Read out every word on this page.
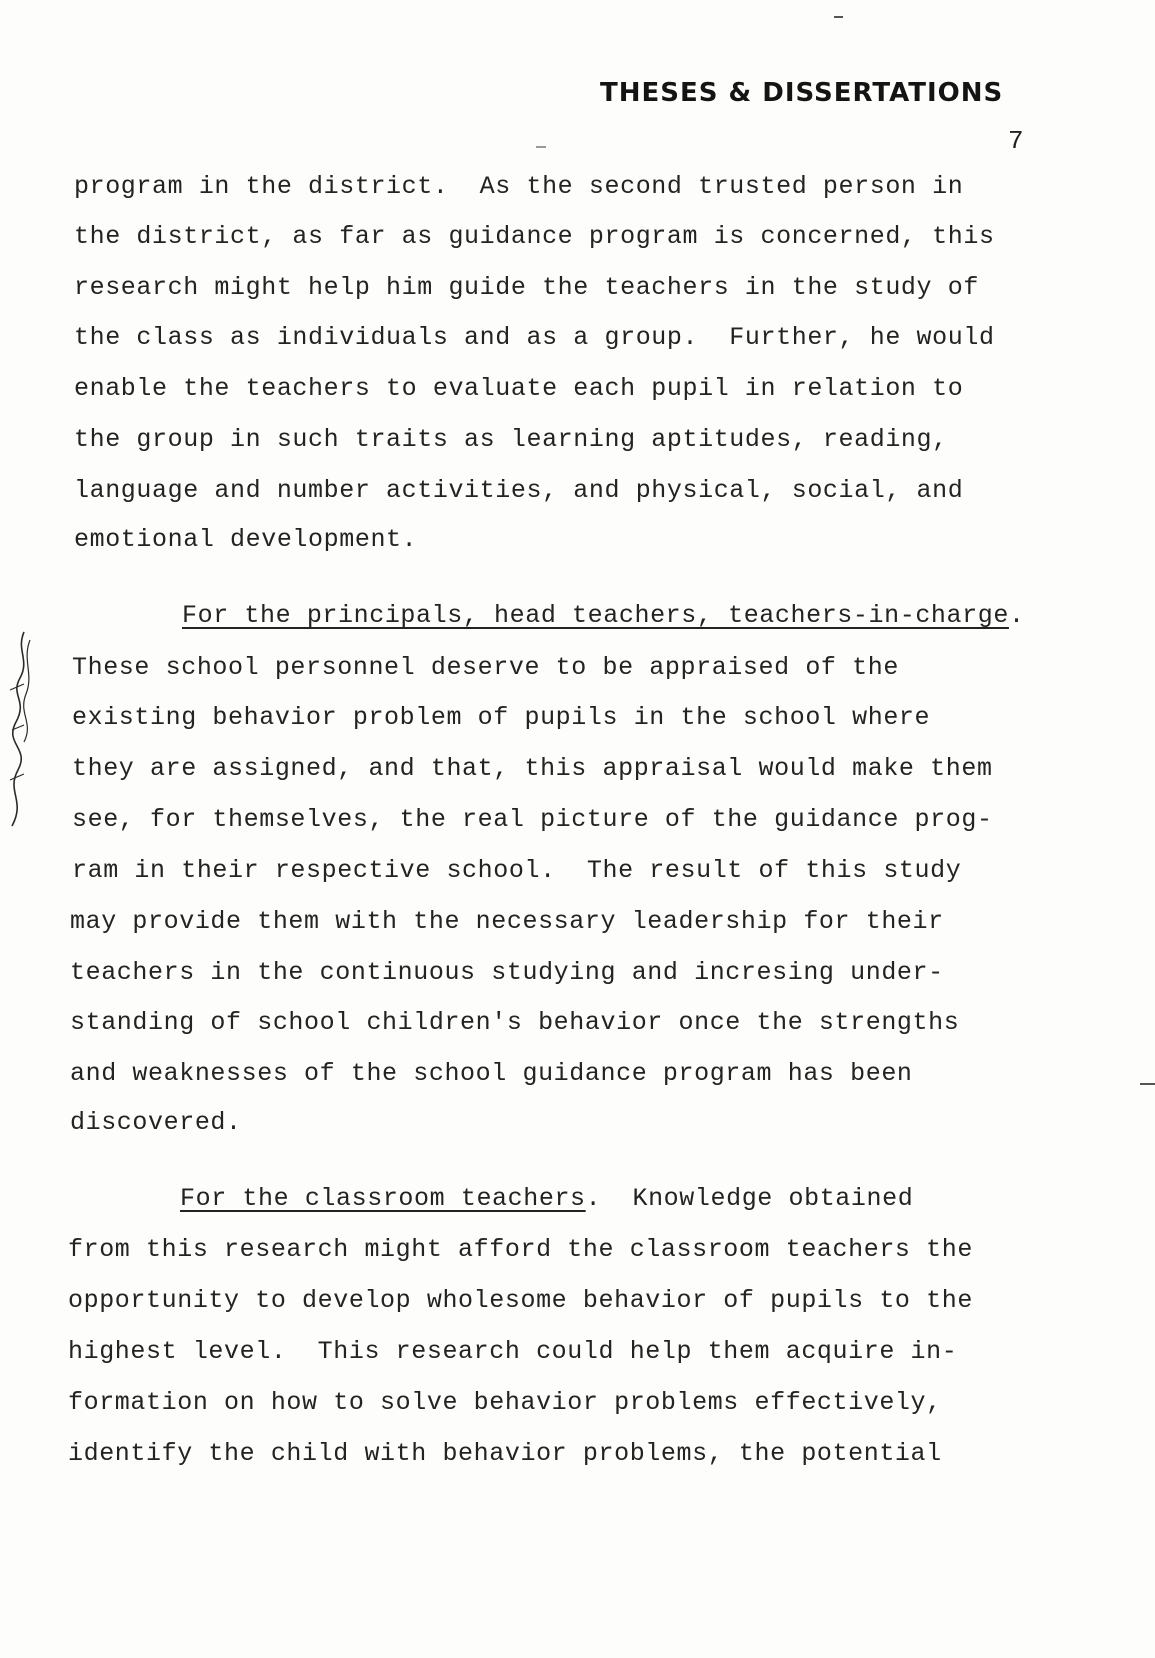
THESES & DISSERTATIONS
7
program in the district.  As the second trusted person in
the district, as far as guidance program is concerned, this
research might help him guide the teachers in the study of
the class as individuals and as a group.  Further, he would
enable the teachers to evaluate each pupil in relation to
the group in such traits as learning aptitudes, reading,
language and number activities, and physical, social, and
emotional development.
For the principals, head teachers, teachers-in-charge.
These school personnel deserve to be appraised of the
existing behavior problem of pupils in the school where
they are assigned, and that, this appraisal would make them
see, for themselves, the real picture of the guidance prog-
ram in their respective school.  The result of this study
may provide them with the necessary leadership for their
teachers in the continuous studying and incresing under-
standing of school children's behavior once the strengths
and weaknesses of the school guidance program has been
discovered.
For the classroom teachers.  Knowledge obtained
from this research might afford the classroom teachers the
opportunity to develop wholesome behavior of pupils to the
highest level.  This research could help them acquire in-
formation on how to solve behavior problems effectively,
identify the child with behavior problems, the potential
